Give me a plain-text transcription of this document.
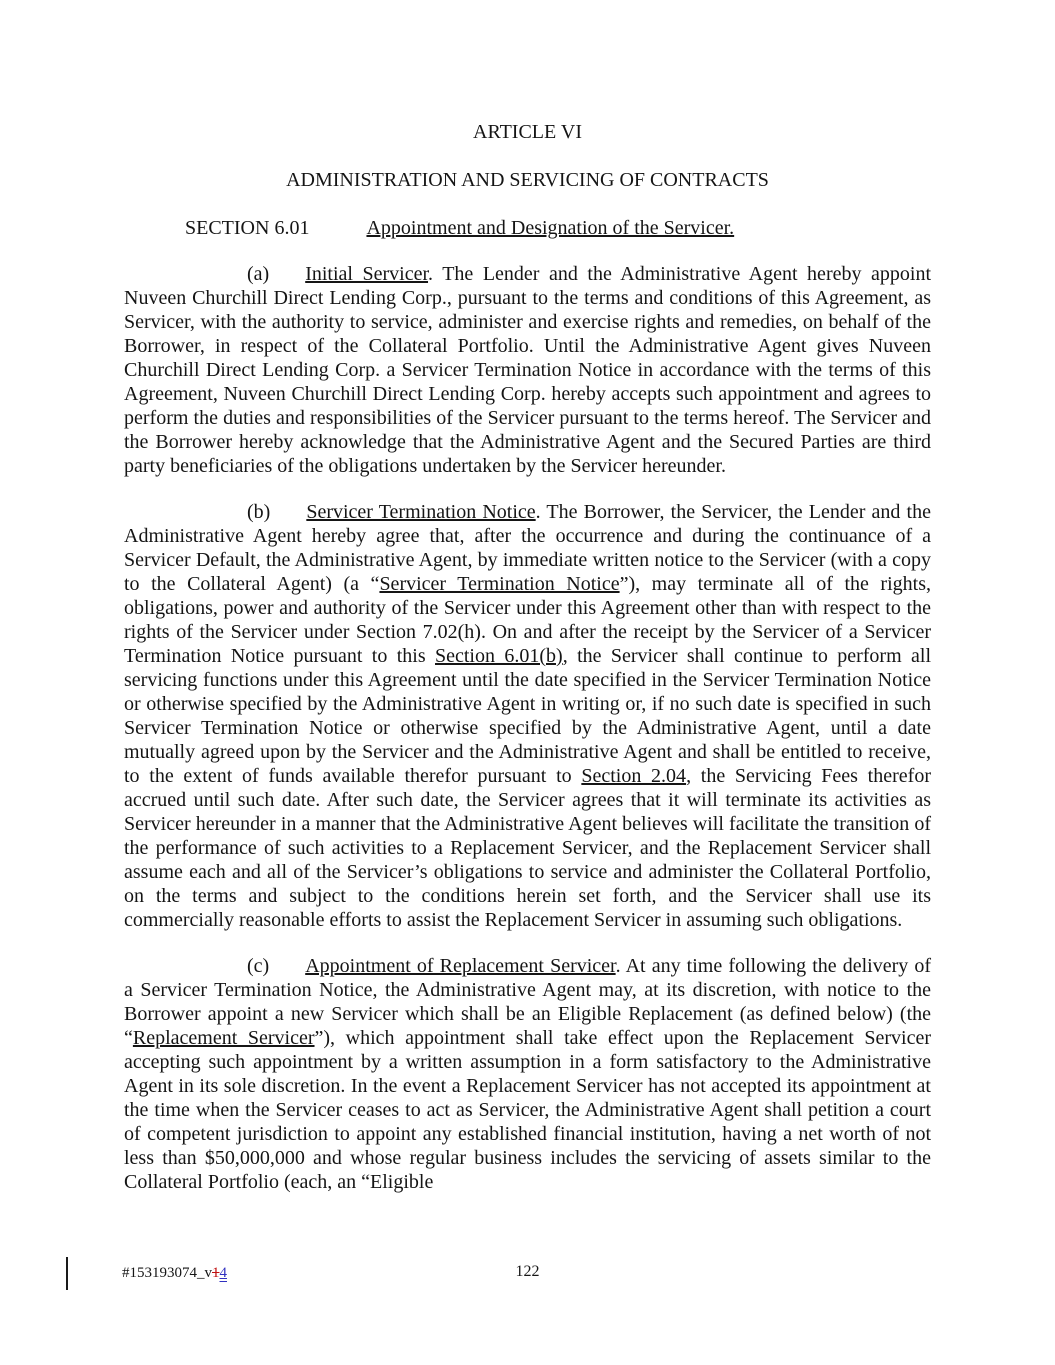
ARTICLE VI

ADMINISTRATION AND SERVICING OF CONTRACTS

SECTION 6.01	Appointment and Designation of the Servicer.

(a) Initial Servicer. The Lender and the Administrative Agent hereby appoint Nuveen Churchill Direct Lending Corp., pursuant to the terms and conditions of this Agreement, as Servicer, with the authority to service, administer and exercise rights and remedies, on behalf of the Borrower, in respect of the Collateral Portfolio. Until the Administrative Agent gives Nuveen Churchill Direct Lending Corp. a Servicer Termination Notice in accordance with the terms of this Agreement, Nuveen Churchill Direct Lending Corp. hereby accepts such appointment and agrees to perform the duties and responsibilities of the Servicer pursuant to the terms hereof. The Servicer and the Borrower hereby acknowledge that the Administrative Agent and the Secured Parties are third party beneficiaries of the obligations undertaken by the Servicer hereunder.

(b) Servicer Termination Notice. The Borrower, the Servicer, the Lender and the Administrative Agent hereby agree that, after the occurrence and during the continuance of a Servicer Default, the Administrative Agent, by immediate written notice to the Servicer (with a copy to the Collateral Agent) (a “Servicer Termination Notice”), may terminate all of the rights, obligations, power and authority of the Servicer under this Agreement other than with respect to the rights of the Servicer under Section 7.02(h). On and after the receipt by the Servicer of a Servicer Termination Notice pursuant to this Section 6.01(b), the Servicer shall continue to perform all servicing functions under this Agreement until the date specified in the Servicer Termination Notice or otherwise specified by the Administrative Agent in writing or, if no such date is specified in such Servicer Termination Notice or otherwise specified by the Administrative Agent, until a date mutually agreed upon by the Servicer and the Administrative Agent and shall be entitled to receive, to the extent of funds available therefor pursuant to Section 2.04, the Servicing Fees therefor accrued until such date. After such date, the Servicer agrees that it will terminate its activities as Servicer hereunder in a manner that the Administrative Agent believes will facilitate the transition of the performance of such activities to a Replacement Servicer, and the Replacement Servicer shall assume each and all of the Servicer’s obligations to service and administer the Collateral Portfolio, on the terms and subject to the conditions herein set forth, and the Servicer shall use its commercially reasonable efforts to assist the Replacement Servicer in assuming such obligations.

(c) Appointment of Replacement Servicer. At any time following the delivery of a Servicer Termination Notice, the Administrative Agent may, at its discretion, with notice to the Borrower appoint a new Servicer which shall be an Eligible Replacement (as defined below) (the “Replacement Servicer”), which appointment shall take effect upon the Replacement Servicer accepting such appointment by a written assumption in a form satisfactory to the Administrative Agent in its sole discretion. In the event a Replacement Servicer has not accepted its appointment at the time when the Servicer ceases to act as Servicer, the Administrative Agent shall petition a court of competent jurisdiction to appoint any established financial institution, having a net worth of not less than $50,000,000 and whose regular business includes the servicing of assets similar to the Collateral Portfolio (each, an “Eligible

#153193074_v14	122
